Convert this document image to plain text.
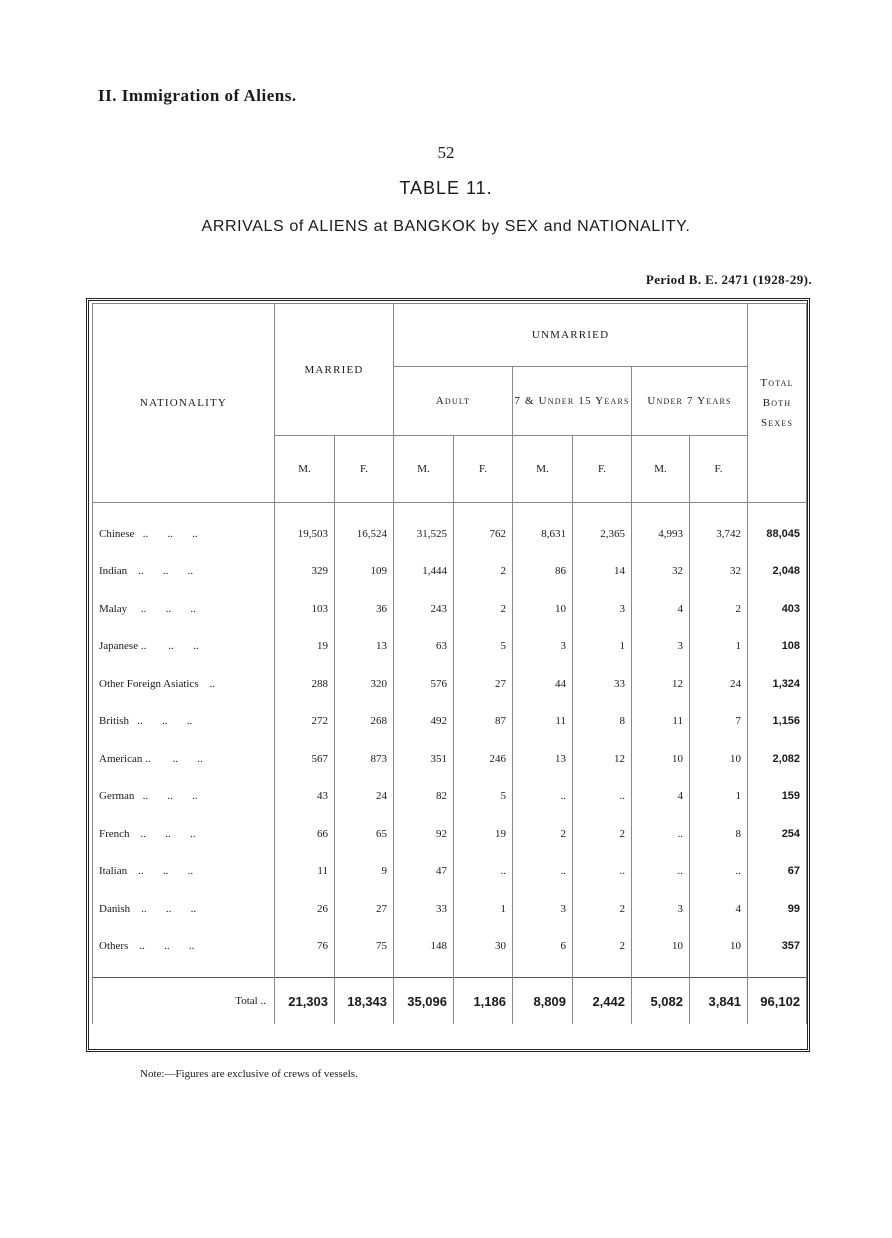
II. Immigration of Aliens.
52
TABLE 11.
ARRIVALS of ALIENS at BANGKOK by SEX and NATIONALITY.
Period B. E. 2471 (1928-29).
NATIONALITY	MARRIED		UNMARRIED						Total Both Sexes
			Adult		7 & Under 15 Years		Under 7 Years		
	M.	F.	M.	F.	M.	F.	M.	F.	

Chinese   ..       ..       ..	19,503	16,524	31,525	762	8,631	2,365	4,993	3,742	88,045
Indian    ..       ..       ..	329	109	1,444	2	86	14	32	32	2,048
Malay     ..       ..       ..	103	36	243	2	10	3	4	2	403
Japanese ..        ..       ..	19	13	63	5	3	1	3	1	108
Other Foreign Asiatics    ..	288	320	576	27	44	33	12	24	1,324
British   ..       ..       ..	272	268	492	87	11	8	11	7	1,156
American ..        ..       ..	567	873	351	246	13	12	10	10	2,082
German   ..       ..       ..	43	24	82	5	..	..	4	1	159
French    ..       ..       ..	66	65	92	19	2	2	..	8	254
Italian    ..       ..       ..	11	9	47	..	..	..	..	..	67
Danish    ..       ..       ..	26	27	33	1	3	2	3	4	99
Others    ..       ..       ..	76	75	148	30	6	2	10	10	357

Total ..	21,303	18,343	35,096	1,186	8,809	2,442	5,082	3,841	96,102
Note:—Figures are exclusive of crews of vessels.
